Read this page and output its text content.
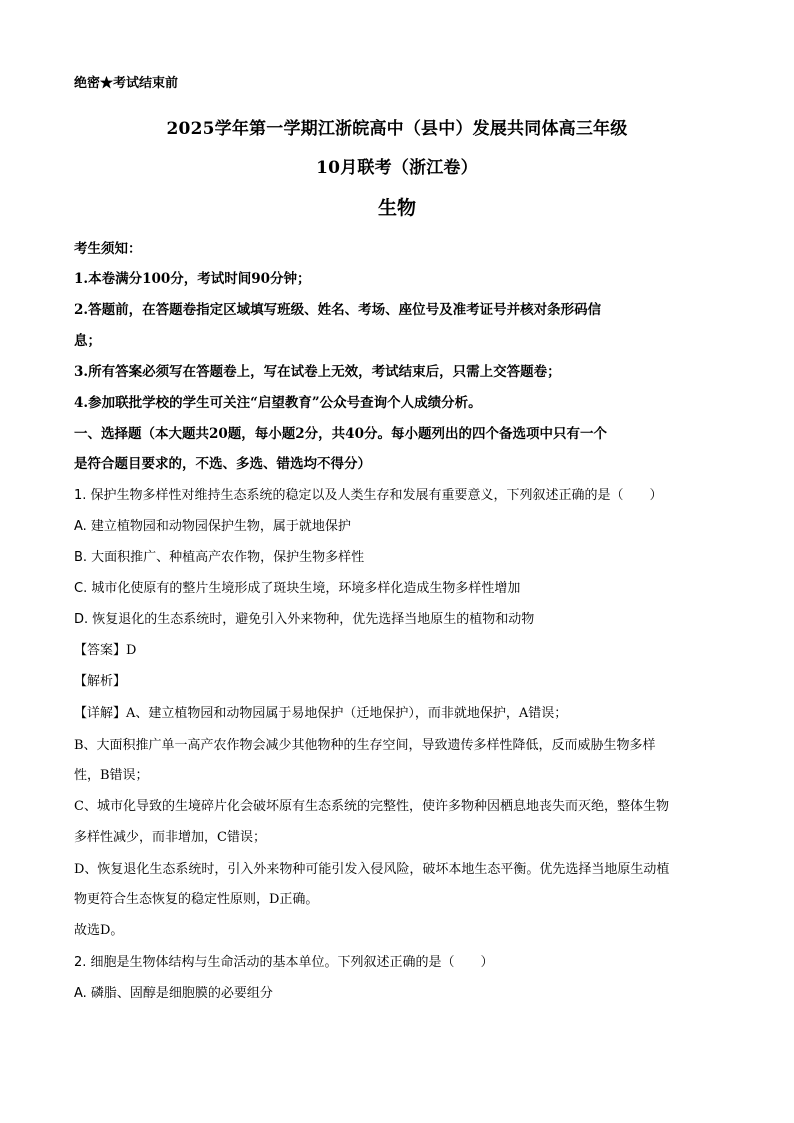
绝密★考试结束前
2025学年第一学期江浙皖高中（县中）发展共同体高三年级
10月联考（浙江卷）
生物
考生须知：
1.本卷满分100分，考试时间90分钟；
2.答题前，在答题卷指定区域填写班级、姓名、考场、座位号及准考证号并核对条形码信
息；
3.所有答案必须写在答题卷上，写在试卷上无效，考试结束后，只需上交答题卷；
4.参加联批学校的学生可关注“启望教育”公众号查询个人成绩分析。
一、选择题（本大题共20题，每小题2分，共40分。每小题列出的四个备选项中只有一个
是符合题目要求的，不选、多选、错选均不得分）
1. 保护生物多样性对维持生态系统的稳定以及人类生存和发展有重要意义，下列叙述正确的是（　　）
A. 建立植物园和动物园保护生物，属于就地保护
B. 大面积推广、种植高产农作物，保护生物多样性
C. 城市化使原有的整片生境形成了斑块生境，环境多样化造成生物多样性增加
D. 恢复退化的生态系统时，避免引入外来物种，优先选择当地原生的植物和动物
【答案】D
【解析】
【详解】A、建立植物园和动物园属于易地保护（迁地保护），而非就地保护，A错误；
B、大面积推广单一高产农作物会减少其他物种的生存空间，导致遗传多样性降低，反而威胁生物多样
性，B错误；
C、城市化导致的生境碎片化会破坏原有生态系统的完整性，使许多物种因栖息地丧失而灭绝，整体生物
多样性减少，而非增加，C错误；
D、恢复退化生态系统时，引入外来物种可能引发入侵风险，破坏本地生态平衡。优先选择当地原生动植
物更符合生态恢复的稳定性原则，D正确。
故选D。
2. 细胞是生物体结构与生命活动的基本单位。下列叙述正确的是（　　）
A. 磷脂、固醇是细胞膜的必要组分
